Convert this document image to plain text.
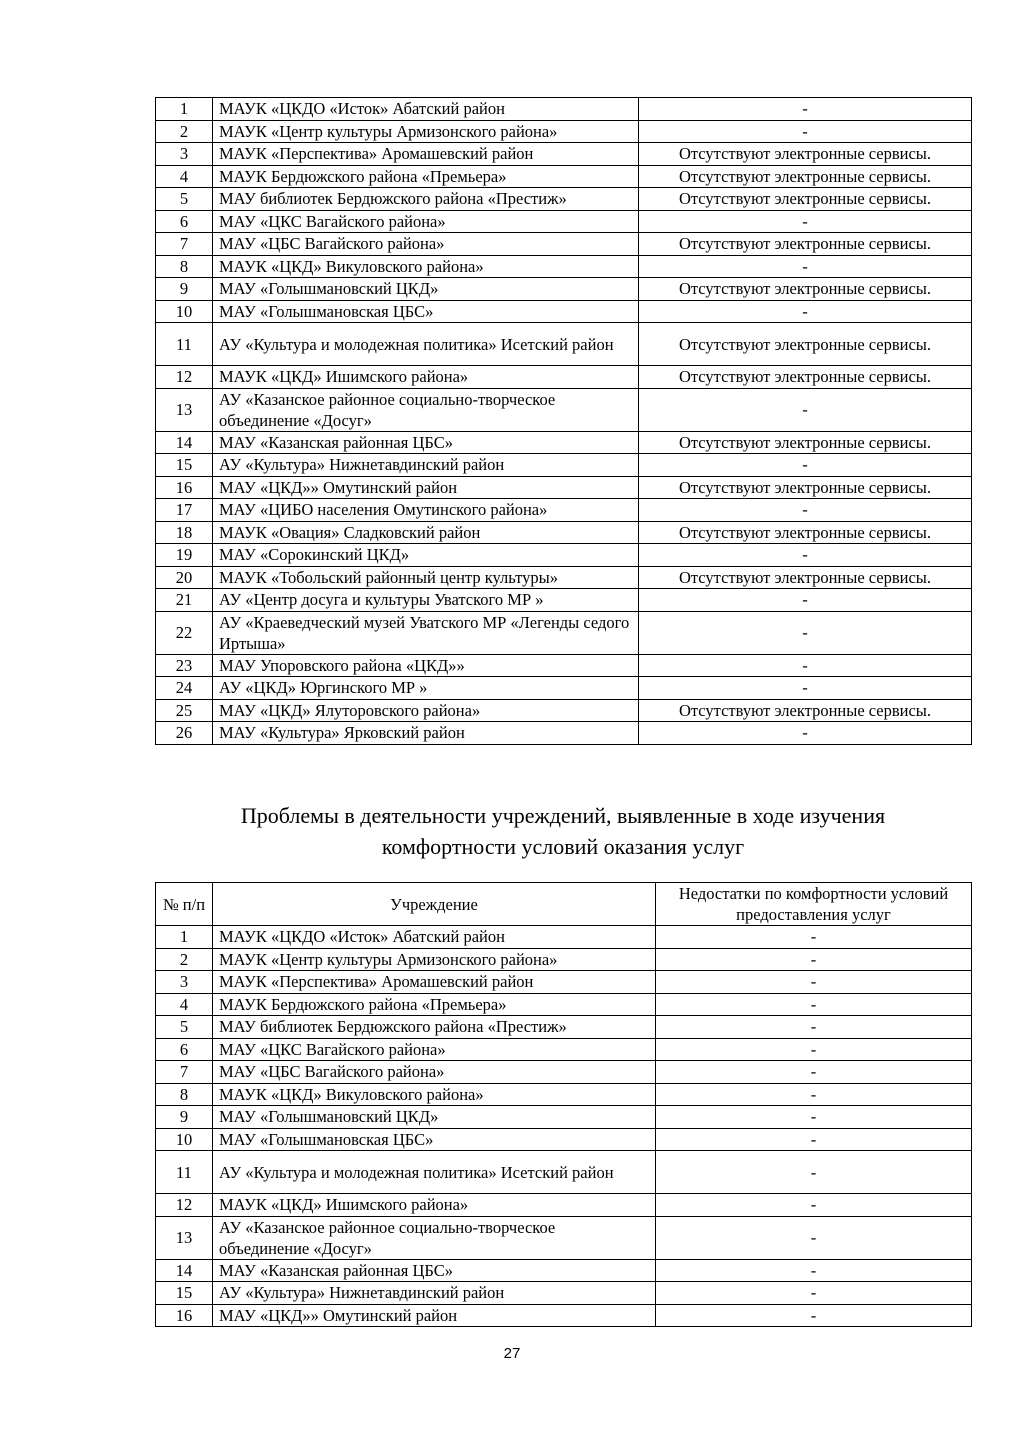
1	МАУК «ЦКДО «Исток» Абатский район	-
2	МАУК «Центр культуры Армизонского района»	-
3	МАУК «Перспектива» Аромашевский район	Отсутствуют электронные сервисы.
4	МАУК Бердюжского района «Премьера»	Отсутствуют электронные сервисы.
5	МАУ библиотек Бердюжского района «Престиж»	Отсутствуют электронные сервисы.
6	МАУ «ЦКС Вагайского района»	-
7	МАУ «ЦБС Вагайского района»	Отсутствуют электронные сервисы.
8	МАУК «ЦКД» Викуловского района»	-
9	МАУ «Голышмановский ЦКД»	Отсутствуют электронные сервисы.
10	МАУ «Голышмановская ЦБС»	-
11	АУ «Культура и молодежная политика» Исетский район	Отсутствуют электронные сервисы.
12	МАУК «ЦКД» Ишимского района»	Отсутствуют электронные сервисы.
13	АУ «Казанское районное социально-творческое объединение «Досуг»	-
14	МАУ «Казанская районная ЦБС»	Отсутствуют электронные сервисы.
15	АУ «Культура» Нижнетавдинский район	-
16	МАУ «ЦКД»» Омутинский район	Отсутствуют электронные сервисы.
17	МАУ «ЦИБО населения Омутинского района»	-
18	МАУК «Овация» Сладковский район	Отсутствуют электронные сервисы.
19	МАУ «Сорокинский ЦКД»	-
20	МАУК «Тобольский районный центр культуры»	Отсутствуют электронные сервисы.
21	АУ «Центр досуга и культуры Уватского МР »	-
22	АУ «Краеведческий музей Уватского МР «Легенды седого Иртыша»	-
23	МАУ Упоровского района «ЦКД»»	-
24	АУ «ЦКД» Юргинского МР »	-
25	МАУ «ЦКД» Ялуторовского района»	Отсутствуют электронные сервисы.
26	МАУ «Культура» Ярковский район	-
Проблемы в деятельности учреждений, выявленные в ходе изучения
комфортности условий оказания услуг
№ п/п	Учреждение	Недостатки по комфортности условий предоставления услуг
1	МАУК «ЦКДО «Исток» Абатский район	-
2	МАУК «Центр культуры Армизонского района»	-
3	МАУК «Перспектива» Аромашевский район	-
4	МАУК Бердюжского района «Премьера»	-
5	МАУ библиотек Бердюжского района «Престиж»	-
6	МАУ «ЦКС Вагайского района»	-
7	МАУ «ЦБС Вагайского района»	-
8	МАУК «ЦКД» Викуловского района»	-
9	МАУ «Голышмановский ЦКД»	-
10	МАУ «Голышмановская ЦБС»	-
11	АУ «Культура и молодежная политика» Исетский район	-
12	МАУК «ЦКД» Ишимского района»	-
13	АУ «Казанское районное социально-творческое объединение «Досуг»	-
14	МАУ «Казанская районная ЦБС»	-
15	АУ «Культура» Нижнетавдинский район	-
16	МАУ «ЦКД»» Омутинский район	-
27
